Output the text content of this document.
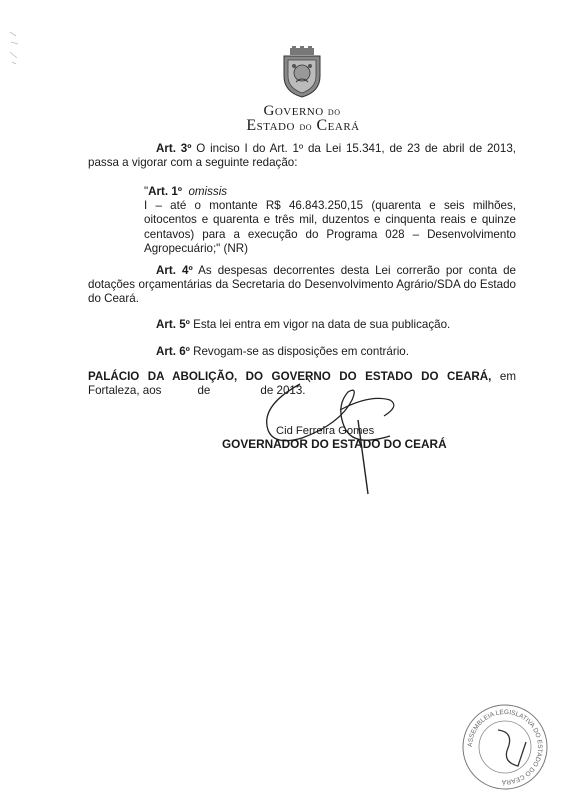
Governo do
Estado do Ceará
Art. 3º O inciso I do Art. 1º da Lei 15.341, de 23 de abril de 2013, passa a vigorar com a seguinte redação:
"Art. 1º omissis
I – até o montante R$ 46.843.250,15 (quarenta e seis milhões, oitocentos e quarenta e três mil, duzentos e cinquenta reais e quinze centavos) para a execução do Programa 028 – Desenvolvimento Agropecuário;" (NR)
Art. 4º As despesas decorrentes desta Lei correrão por conta de dotações orçamentárias da Secretaria do Desenvolvimento Agrário/SDA do Estado do Ceará.
Art. 5º Esta lei entra em vigor na data de sua publicação.
Art. 6º Revogam-se as disposições em contrário.
PALÁCIO DA ABOLIÇÃO, DO GOVERNO DO ESTADO DO CEARÁ, em Fortaleza, aos	de	de 2013.
Cid Ferreira Gomes
GOVERNADOR DO ESTADO DO CEARÁ
ASSEMBLEIA LEGISLATIVA DO ESTADO DO CEARÁ
